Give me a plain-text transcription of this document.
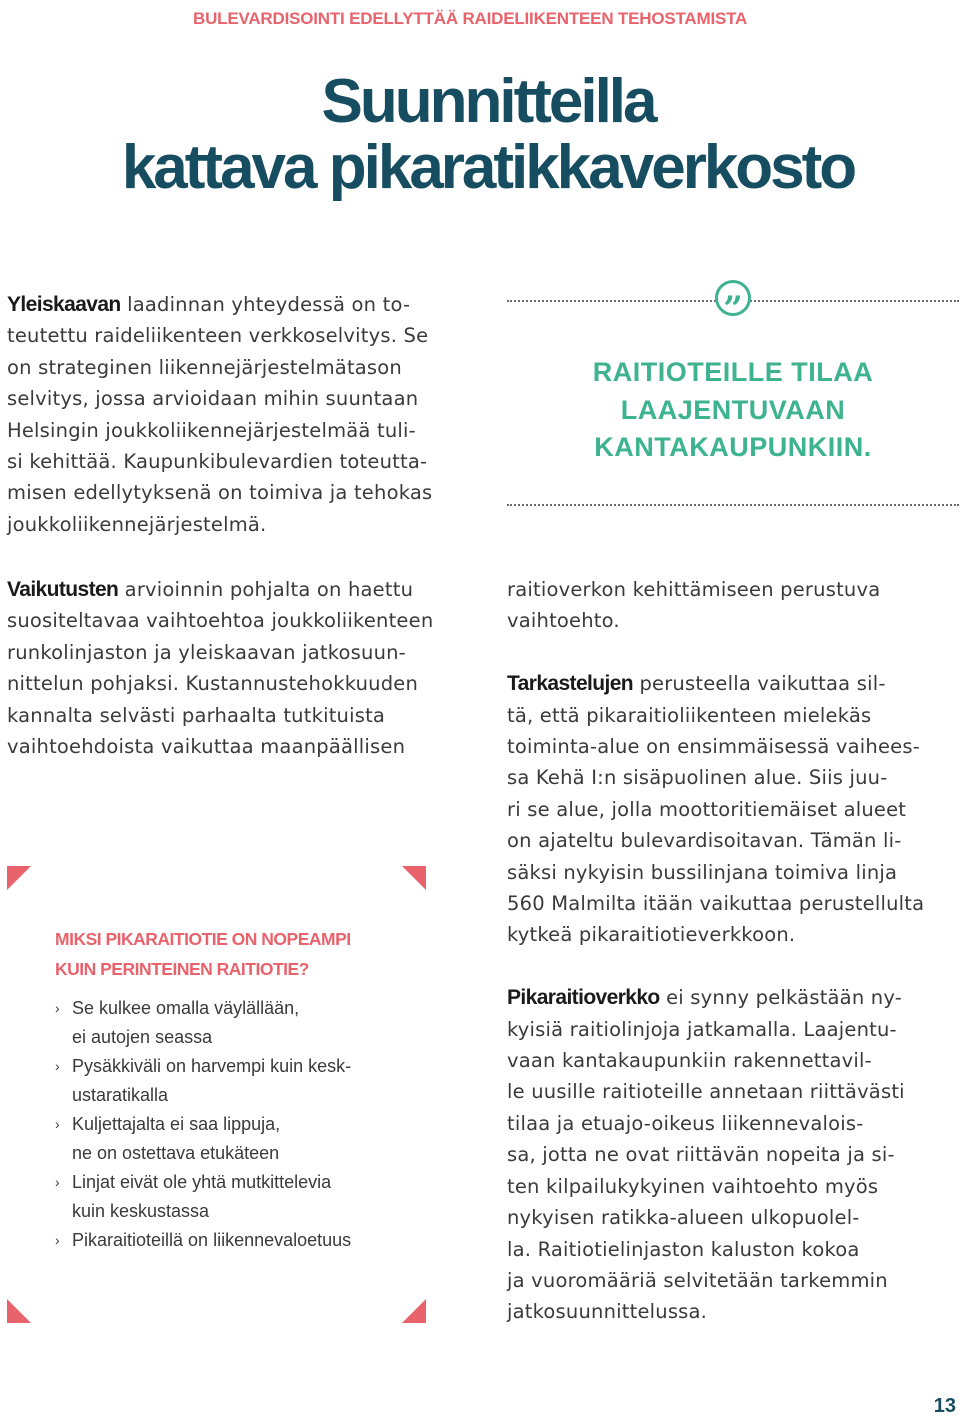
BULEVARDISOINTI EDELLYTTÄÄ RAIDELIIKENTEEN TEHOSTAMISTA
Suunnitteilla
kattava pikaratikkaverkosto
Yleiskaavan laadinnan yhteydessä on to-
teutettu raideliikenteen verkkoselvitys. Se
on strateginen liikennejärjestelmätason
selvitys, jossa arvioidaan mihin suuntaan
Helsingin joukkoliikennejärjestelmää tuli-
si kehittää. Kaupunkibulevardien toteutta-
misen edellytyksenä on toimiva ja tehokas
joukkoliikennejärjestelmä.
”
RAITIOTEILLE TILAA
LAAJENTUVAAN
KANTAKAUPUNKIIN.
Vaikutusten arvioinnin pohjalta on haettu
suositeltavaa vaihtoehtoa joukkoliikenteen
runkolinjaston ja yleiskaavan jatkosuun-
nittelun pohjaksi. Kustannustehokkuuden
kannalta selvästi parhaalta tutkituista
vaihtoehdoista vaikuttaa maanpäällisen
raitioverkon kehittämiseen perustuva
vaihtoehto.
Tarkastelujen perusteella vaikuttaa sil-
tä, että pikaraitioliikenteen mielekäs
toiminta-alue on ensimmäisessä vaihees-
sa Kehä I:n sisäpuolinen alue. Siis juu-
ri se alue, jolla moottoritiemäiset alueet
on ajateltu bulevardisoitavan. Tämän li-
säksi nykyisin bussilinjana toimiva linja
560 Malmilta itään vaikuttaa perustellulta
kytkeä pikaraitiotieverkkoon.
Pikaraitioverkko ei synny pelkästään ny-
kyisiä raitiolinjoja jatkamalla. Laajentu-
vaan kantakaupunkiin rakennettavil-
le uusille raitioteille annetaan riittävästi
tilaa ja etuajo-oikeus liikennevalois-
sa, jotta ne ovat riittävän nopeita ja si-
ten kilpailukykyinen vaihtoehto myös
nykyisen ratikka-alueen ulkopuolel-
la. Raitiotielinjaston kaluston kokoa
ja vuoromääriä selvitetään tarkemmin
jatkosuunnittelussa.
MIKSI PIKARAITIOTIE ON NOPEAMPI
KUIN PERINTEINEN RAITIOTIE?
› Se kulkee omalla väylällään,
ei autojen seassa
› Pysäkkiväli on harvempi kuin kesk-
ustaratikalla
› Kuljettajalta ei saa lippuja,
ne on ostettava etukäteen
› Linjat eivät ole yhtä mutkittelevia
kuin keskustassa
› Pikaraitioteillä on liikennevaloetuus
13
